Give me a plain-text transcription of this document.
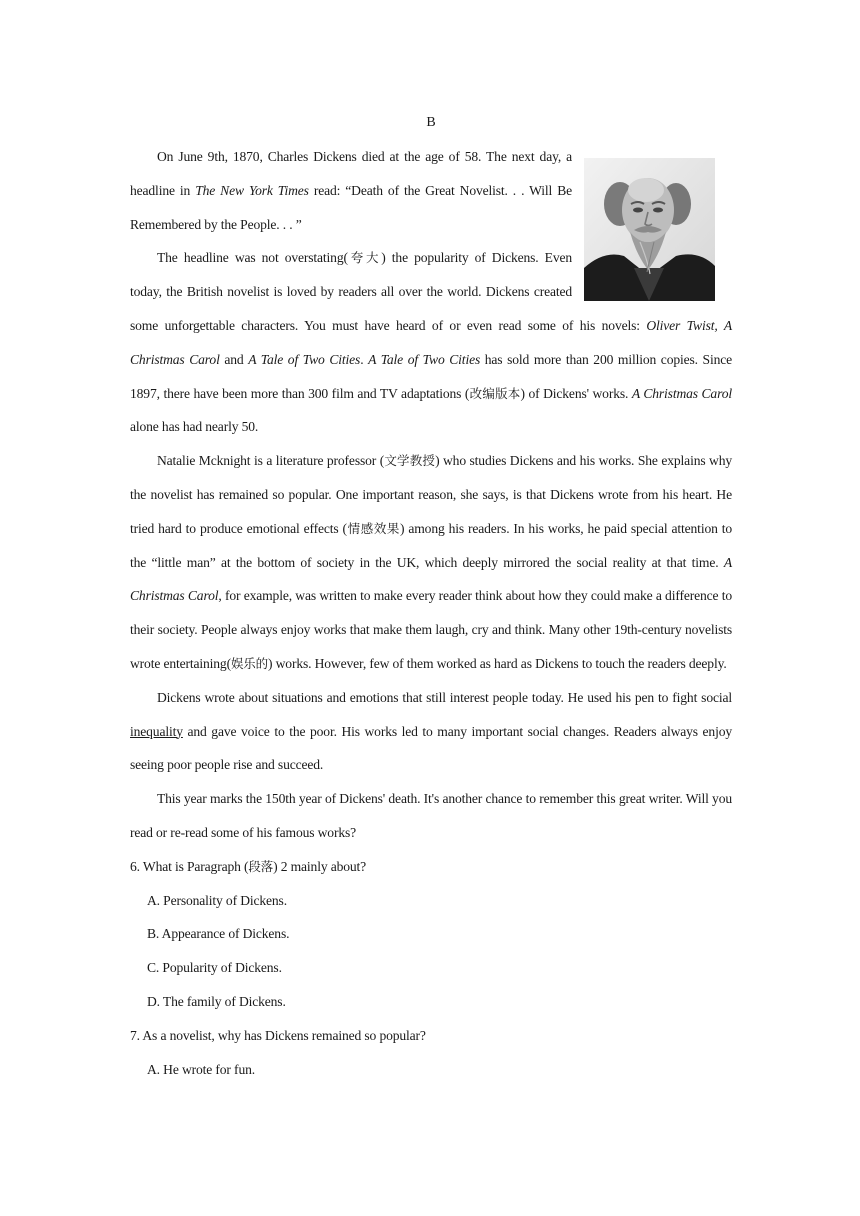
B

On June 9th, 1870, Charles Dickens died at the age of 58. The next day, a headline in The New York Times read: “Death of the Great Novelist. . . Will Be Remembered by the People. . . ”

The headline was not overstating(夸大) the popularity of Dickens. Even today, the British novelist is loved by readers all over the world. Dickens created some unforgettable characters. You must have heard of or even read some of his novels: Oliver Twist, A Christmas Carol and A Tale of Two Cities. A Tale of Two Cities has sold more than 200 million copies. Since 1897, there have been more than 300 film and TV adaptations (改编版本) of Dickens' works. A Christmas Carol alone has had nearly 50.

Natalie Mcknight is a literature professor (文学教授) who studies Dickens and his works. She explains why the novelist has remained so popular. One important reason, she says, is that Dickens wrote from his heart. He tried hard to produce emotional effects (情感效果) among his readers. In his works, he paid special attention to the “little man” at the bottom of society in the UK, which deeply mirrored the social reality at that time. A Christmas Carol, for example, was written to make every reader think about how they could make a difference to their society. People always enjoy works that make them laugh, cry and think. Many other 19th-century novelists wrote entertaining(娱乐的) works. However, few of them worked as hard as Dickens to touch the readers deeply.

Dickens wrote about situations and emotions that still interest people today. He used his pen to fight social inequality and gave voice to the poor. His works led to many important social changes. Readers always enjoy seeing poor people rise and succeed.

This year marks the 150th year of Dickens' death. It's another chance to remember this great writer. Will you read or re-read some of his famous works?

6. What is Paragraph (段落) 2 mainly about?

A. Personality of Dickens.

B. Appearance of Dickens.

C. Popularity of Dickens.

D. The family of Dickens.

7. As a novelist, why has Dickens remained so popular?

A. He wrote for fun.
